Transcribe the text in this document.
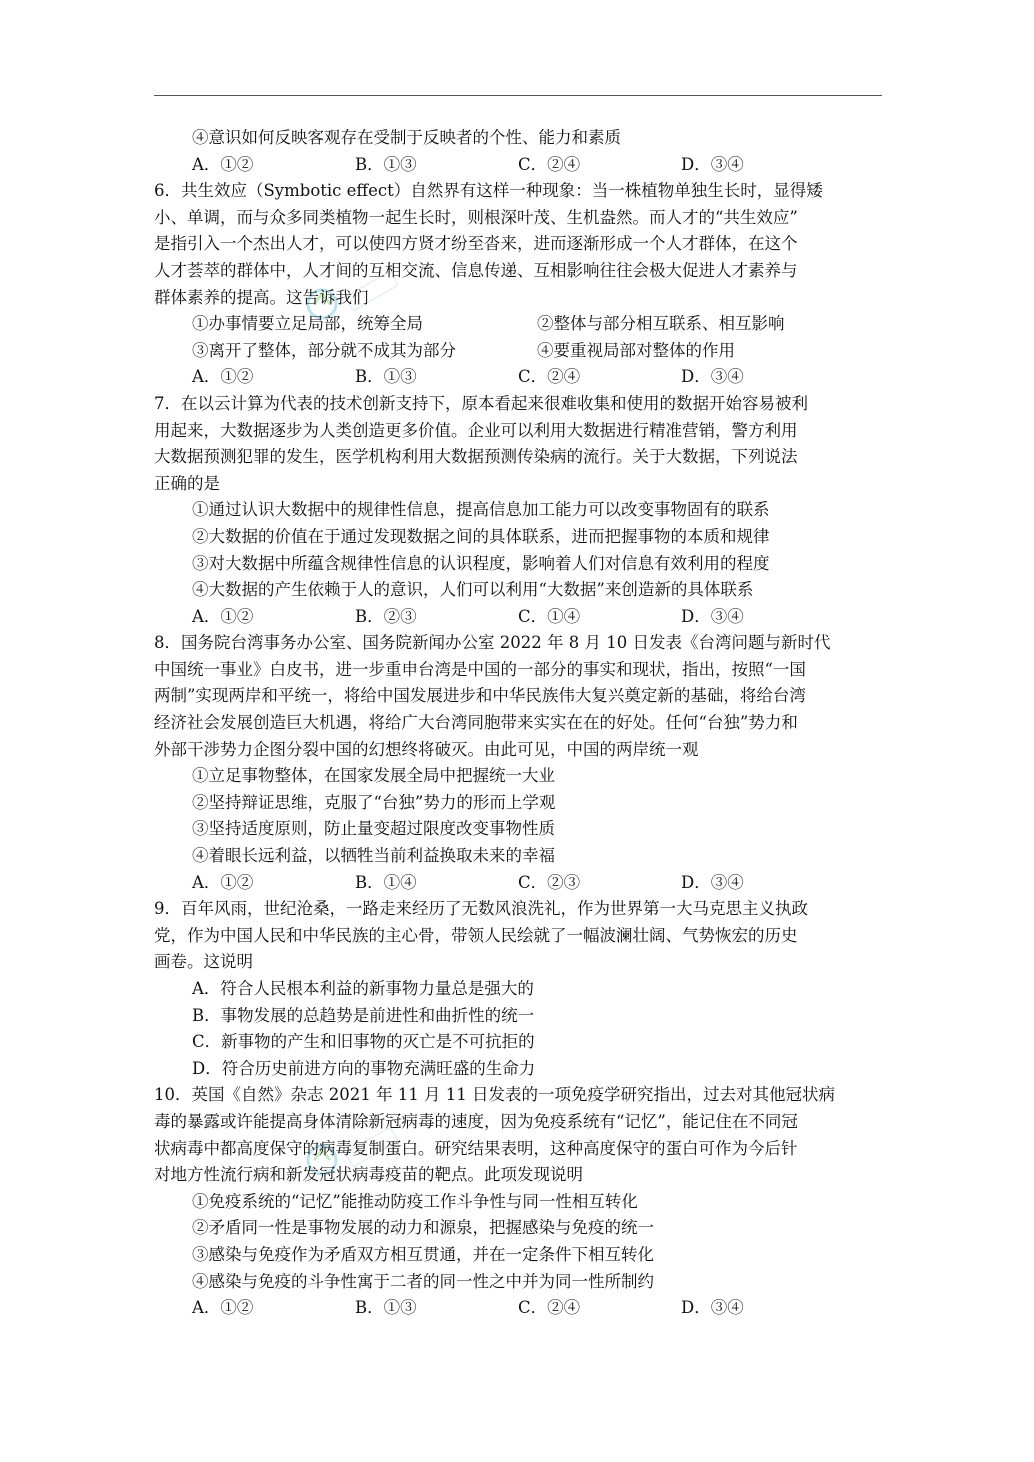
④意识如何反映客观存在受制于反映者的个性、能力和素质
A．①②	B．①③	C．②④	D．③④
6．共生效应（Symbotic effect）自然界有这样一种现象：当一株植物单独生长时，显得矮
小、单调，而与众多同类植物一起生长时，则根深叶茂、生机盎然。而人才的“共生效应”
是指引入一个杰出人才，可以使四方贤才纷至沓来，进而逐渐形成一个人才群体，在这个
人才荟萃的群体中，人才间的互相交流、信息传递、互相影响往往会极大促进人才素养与
群体素养的提高。这告诉我们
①办事情要立足局部，统筹全局	②整体与部分相互联系、相互影响
③离开了整体，部分就不成其为部分	④要重视局部对整体的作用
A．①②	B．①③	C．②④	D．③④
7．在以云计算为代表的技术创新支持下，原本看起来很难收集和使用的数据开始容易被利
用起来，大数据逐步为人类创造更多价值。企业可以利用大数据进行精准营销，警方利用
大数据预测犯罪的发生，医学机构利用大数据预测传染病的流行。关于大数据，下列说法
正确的是
①通过认识大数据中的规律性信息，提高信息加工能力可以改变事物固有的联系
②大数据的价值在于通过发现数据之间的具体联系，进而把握事物的本质和规律
③对大数据中所蕴含规律性信息的认识程度，影响着人们对信息有效利用的程度
④大数据的产生依赖于人的意识，人们可以利用“大数据”来创造新的具体联系
A．①②	B．②③	C．①④	D．③④
8．国务院台湾事务办公室、国务院新闻办公室 2022 年 8 月 10 日发表《台湾问题与新时代
中国统一事业》白皮书，进一步重申台湾是中国的一部分的事实和现状，指出，按照“一国
两制”实现两岸和平统一，将给中国发展进步和中华民族伟大复兴奠定新的基础，将给台湾
经济社会发展创造巨大机遇，将给广大台湾同胞带来实实在在的好处。任何“台独”势力和
外部干涉势力企图分裂中国的幻想终将破灭。由此可见，中国的两岸统一观
①立足事物整体，在国家发展全局中把握统一大业
②坚持辩证思维，克服了“台独”势力的形而上学观
③坚持适度原则，防止量变超过限度改变事物性质
④着眼长远利益，以牺牲当前利益换取未来的幸福
A．①②	B．①④	C．②③	D．③④
9．百年风雨，世纪沧桑，一路走来经历了无数风浪洗礼，作为世界第一大马克思主义执政
党，作为中国人民和中华民族的主心骨，带领人民绘就了一幅波澜壮阔、气势恢宏的历史
画卷。这说明
A．符合人民根本利益的新事物力量总是强大的
B．事物发展的总趋势是前进性和曲折性的统一
C．新事物的产生和旧事物的灭亡是不可抗拒的
D．符合历史前进方向的事物充满旺盛的生命力
10．英国《自然》杂志 2021 年 11 月 11 日发表的一项免疫学研究指出，过去对其他冠状病
毒的暴露或许能提高身体清除新冠病毒的速度，因为免疫系统有“记忆”，能记住在不同冠
状病毒中都高度保守的病毒复制蛋白。研究结果表明，这种高度保守的蛋白可作为今后针
对地方性流行病和新发冠状病毒疫苗的靶点。此项发现说明
①免疫系统的“记忆”能推动防疫工作斗争性与同一性相互转化
②矛盾同一性是事物发展的动力和源泉，把握感染与免疫的统一
③感染与免疫作为矛盾双方相互贯通，并在一定条件下相互转化
④感染与免疫的斗争性寓于二者的同一性之中并为同一性所制约
A．①②	B．①③	C．②④	D．③④
